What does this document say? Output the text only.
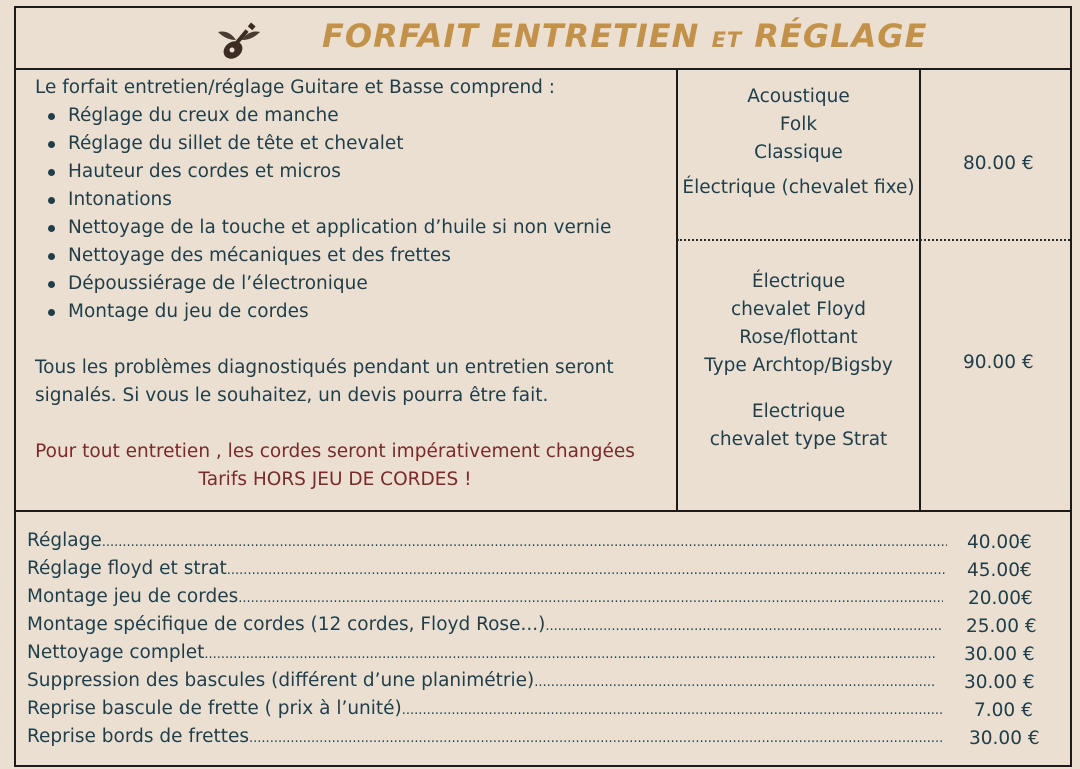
FORFAIT ENTRETIEN ET RÉGLAGE
Le forfait entretien/réglage Guitare et Basse comprend :
Réglage du creux de manche
Réglage du sillet de tête et chevalet
Hauteur des cordes et micros
Intonations
Nettoyage de la touche et application d’huile si non vernie
Nettoyage des mécaniques et des frettes
Dépoussiérage de l’électronique
Montage du jeu de cordes
Tous les problèmes diagnostiqués pendant un entretien seront
signalés. Si vous le souhaitez, un devis pourra être fait.
Pour tout entretien , les cordes seront impérativement changées
Tarifs HORS JEU DE CORDES !
Acoustique
Folk
Classique
Électrique (chevalet fixe)
80.00 €
Électrique
chevalet Floyd
Rose/flottant
Type Archtop/Bigsby
Electrique
chevalet type Strat
90.00 €
Réglage
.....
Réglage floyd et strat
.....
Montage jeu de cordes
.....
Montage spécifique de cordes (12 cordes, Floyd Rose...)
.....
Nettoyage complet
.....
Suppression des bascules (différent d’une planimétrie)
.....
Reprise bascule de frette ( prix à l’unité)
.....
Reprise bords de frettes
.....
40.00€
45.00€
20.00€
25.00 €
30.00 €
30.00 €
7.00 €
30.00 €
